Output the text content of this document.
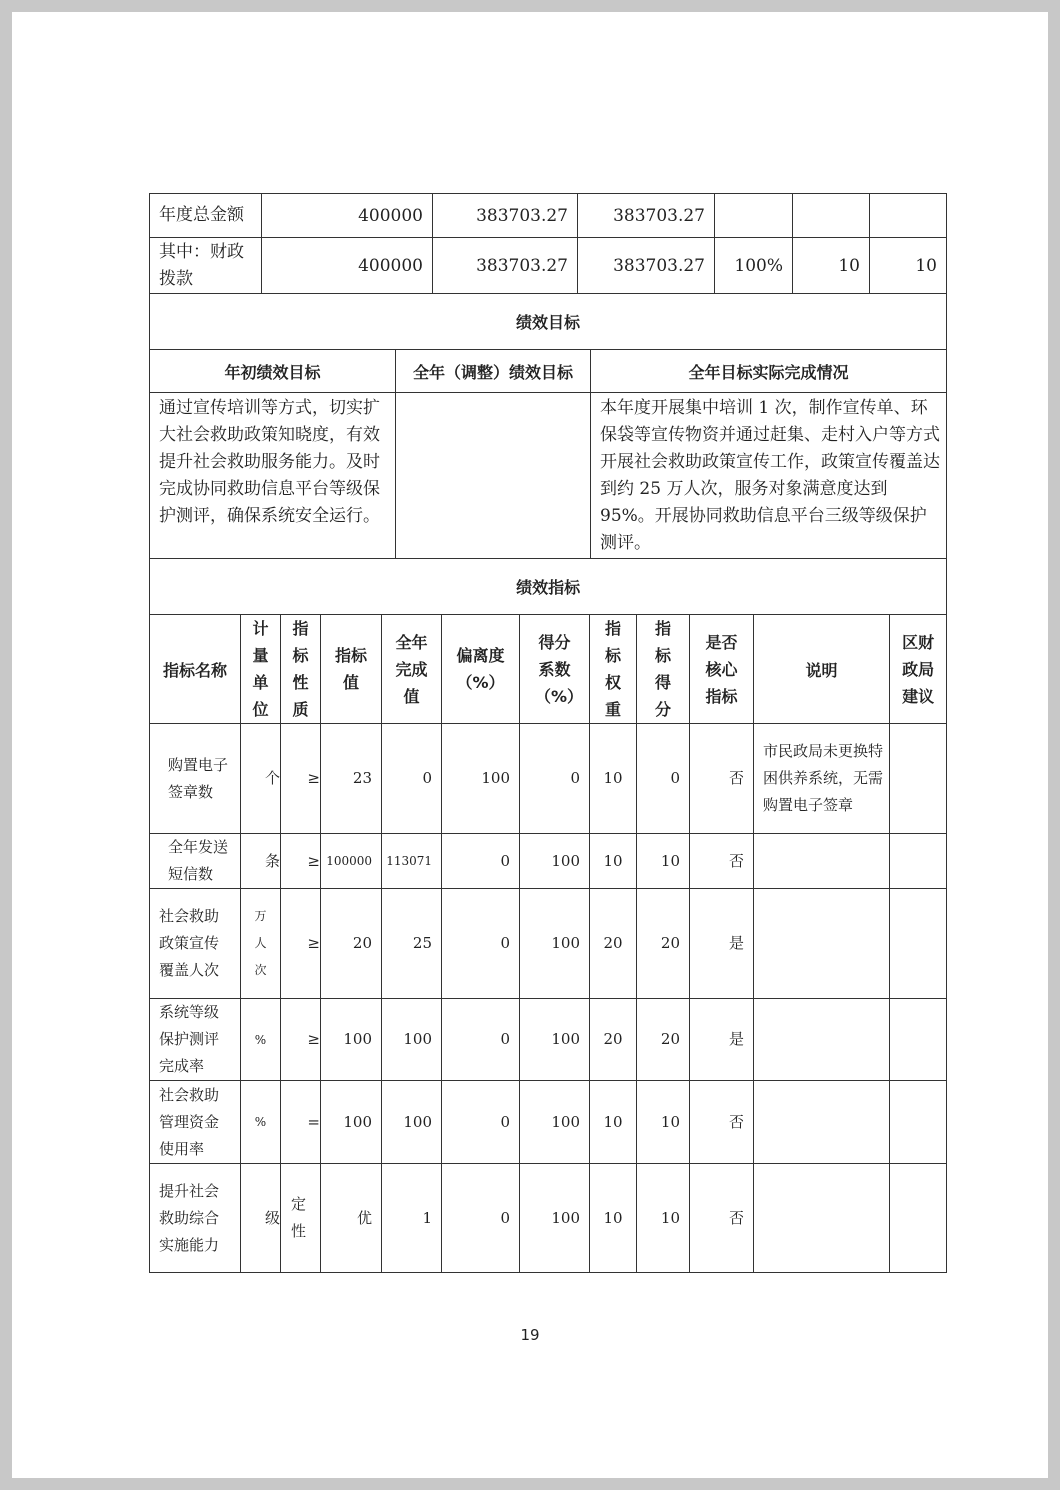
年度总金额	400000	383703.27	383703.27			
其中：财政拨款	400000	383703.27	383703.27	100%	10	10
绩效目标		
年初绩效目标	全年（调整）绩效目标	全年目标实际完成情况
通过宣传培训等方式，切实扩大社会救助政策知晓度，有效提升社会救助服务能力。及时完成协同救助信息平台等级保护测评，确保系统安全运行。		本年度开展集中培训 1 次，制作宣传单、环保袋等宣传物资并通过赶集、走村入户等方式开展社会救助政策宣传工作，政策宣传覆盖达到约 25 万人次，服务对象满意度达到 95%。开展协同救助信息平台三级等级保护测评。
绩效指标											
指标名称	计量单位	指标性质	指标值	全年完成值	偏离度（%）	得分系数（%）	指标权重	指标得分	是否核心指标	说明	区财政局建议
购置电子签章数	个	≥	23	0	100	0	10	0	否	市民政局未更换特困供养系统，无需购置电子签章	
全年发送短信数	条	≥	100000	113071	0	100	10	10	否		
社会救助政策宣传覆盖人次	万人次	≥	20	25	0	100	20	20	是		
系统等级保护测评完成率	%	≥	100	100	0	100	20	20	是		
社会救助管理资金使用率	%	=	100	100	0	100	10	10	否		
提升社会救助综合实施能力	级	定性	优	1	0	100	10	10	否		
19
